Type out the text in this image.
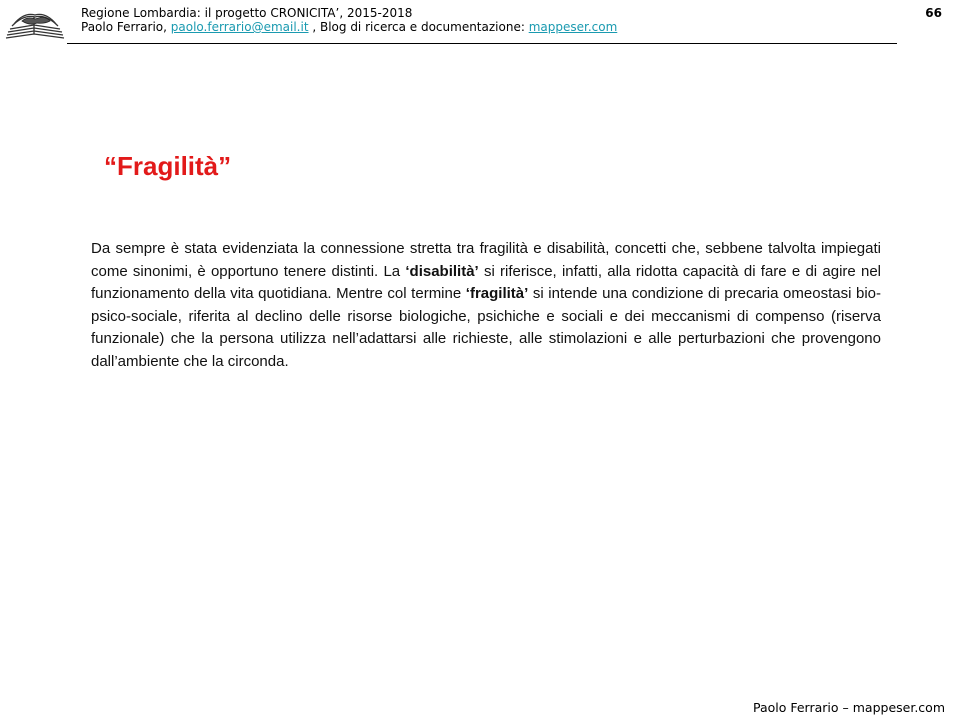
Regione Lombardia: il progetto CRONICITA’, 2015-2018
Paolo Ferrario, paolo.ferrario@email.it , Blog di ricerca e documentazione: mappeser.com
66
“Fragilità”

Da sempre è stata evidenziata la connessione stretta tra fragilità e disabilità, concetti che, sebbene talvolta impiegati come sinonimi, è opportuno tenere distinti. La ‘disabilità’ si riferisce, infatti, alla ridotta capacità di fare e di agire nel funzionamento della vita quotidiana. Mentre col termine ‘fragilità’ si intende una condizione di precaria omeostasi bio-psico-sociale, riferita al declino delle risorse biologiche, psichiche e sociali e dei meccanismi di compenso (riserva funzionale) che la persona utilizza nell’adattarsi alle richieste, alle stimolazioni e alle perturbazioni che provengono dall’ambiente che la circonda.

Paolo Ferrario – mappeser.com
